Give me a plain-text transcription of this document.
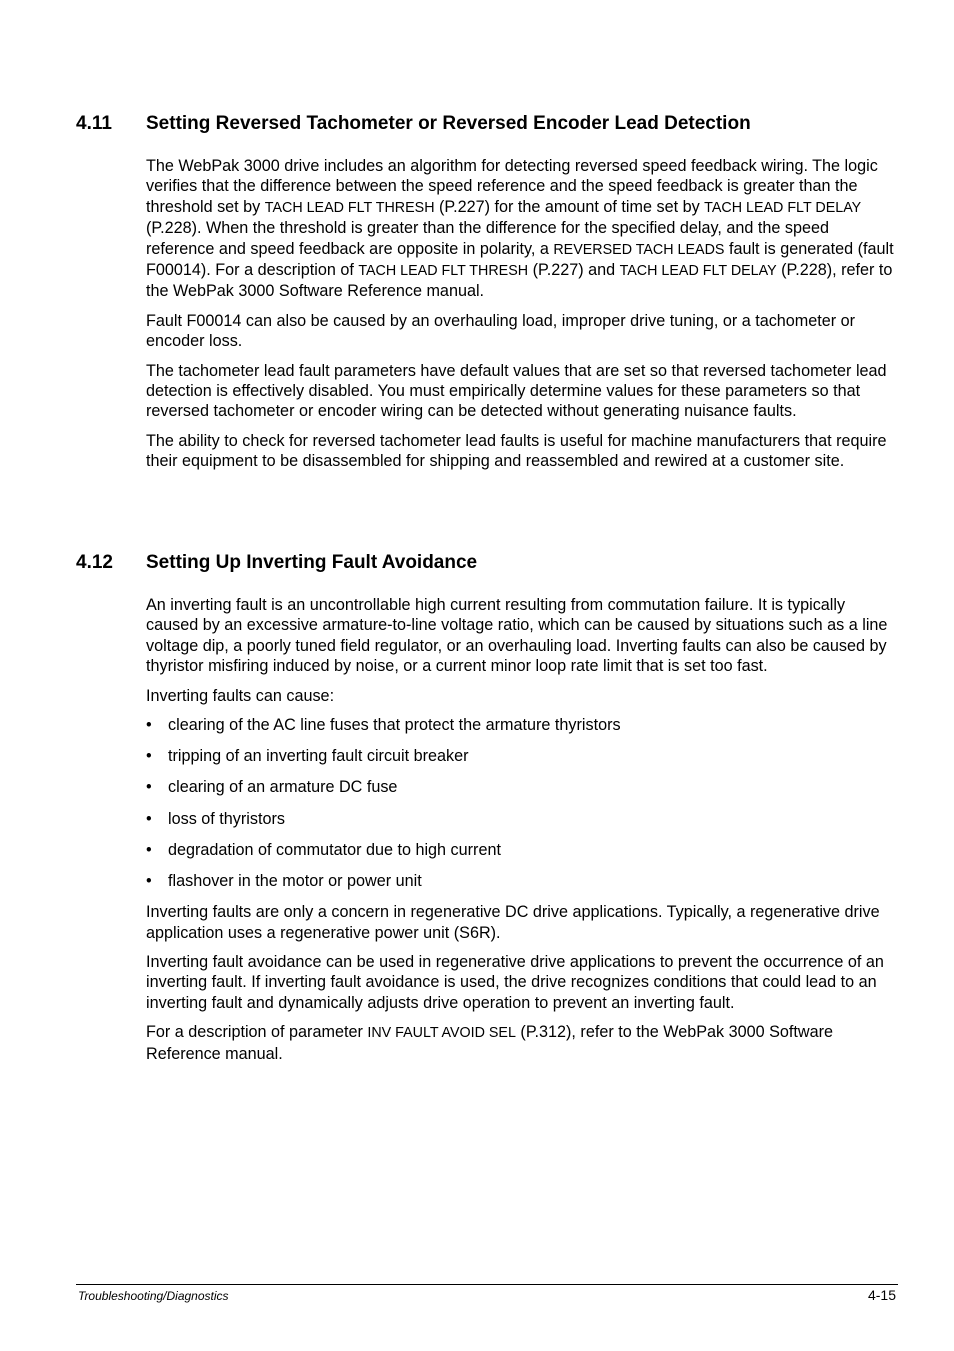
4.11 Setting Reversed Tachometer or Reversed Encoder Lead Detection

The WebPak 3000 drive includes an algorithm for detecting reversed speed feedback wiring. The logic verifies that the difference between the speed reference and the speed feedback is greater than the threshold set by TACH LEAD FLT THRESH (P.227) for the amount of time set by TACH LEAD FLT DELAY (P.228). When the threshold is greater than the difference for the specified delay, and the speed reference and speed feedback are opposite in polarity, a REVERSED TACH LEADS fault is generated (fault F00014). For a description of TACH LEAD FLT THRESH (P.227) and TACH LEAD FLT DELAY (P.228), refer to the WebPak 3000 Software Reference manual.

Fault F00014 can also be caused by an overhauling load, improper drive tuning, or a tachometer or encoder loss.

The tachometer lead fault parameters have default values that are set so that reversed tachometer lead detection is effectively disabled. You must empirically determine values for these parameters so that reversed tachometer or encoder wiring can be detected without generating nuisance faults.

The ability to check for reversed tachometer lead faults is useful for machine manufacturers that require their equipment to be disassembled for shipping and reassembled and rewired at a customer site.

4.12 Setting Up Inverting Fault Avoidance

An inverting fault is an uncontrollable high current resulting from commutation failure. It is typically caused by an excessive armature-to-line voltage ratio, which can be caused by situations such as a line voltage dip, a poorly tuned field regulator, or an overhauling load. Inverting faults can also be caused by thyristor misfiring induced by noise, or a current minor loop rate limit that is set too fast.

Inverting faults can cause:

•	clearing of the AC line fuses that protect the armature thyristors
•	tripping of an inverting fault circuit breaker
•	clearing of an armature DC fuse
•	loss of thyristors
•	degradation of commutator due to high current
•	flashover in the motor or power unit

Inverting faults are only a concern in regenerative DC drive applications. Typically, a regenerative drive application uses a regenerative power unit (S6R).

Inverting fault avoidance can be used in regenerative drive applications to prevent the occurrence of an inverting fault. If inverting fault avoidance is used, the drive recognizes conditions that could lead to an inverting fault and dynamically adjusts drive operation to prevent an inverting fault.

For a description of parameter INV FAULT AVOID SEL (P.312), refer to the WebPak 3000 Software Reference manual.

Troubleshooting/Diagnostics	4-15
